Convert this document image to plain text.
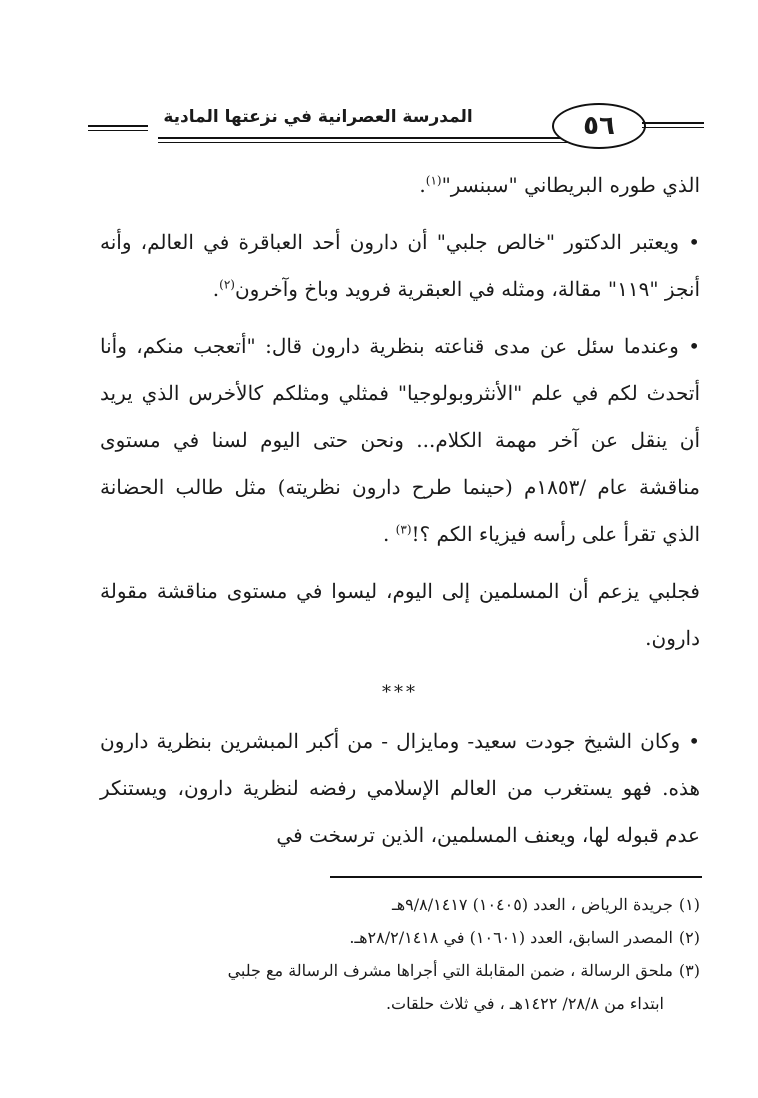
المدرسة العصرانية في نزعتها المادية	٥٦

الذي طوره البريطاني "سبنسر"$^{(١)}$.

• ويعتبر الدكتور "خالص جلبي" أن دارون أحد العباقرة في العالم، وأنه أنجز "١١٩" مقالة، ومثله في العبقرية فرويد وباخ وآخرون$^{(٢)}$.

• وعندما سئل عن مدى قناعته بنظرية دارون قال: "أتعجب منكم، وأنا أتحدث لكم في علم "الأنثروبولوجيا" فمثلي ومثلكم كالأخرس الذي يريد أن ينقل عن آخر مهمة الكلام... ونحن حتى اليوم لسنا في مستوى مناقشة عام /١٨٥٣م (حينما طرح دارون نظريته) مثل طالب الحضانة الذي تقرأ على رأسه فيزياء الكم ؟!$^{(٣)}$ .

فجلبي يزعم أن المسلمين إلى اليوم، ليسوا في مستوى مناقشة مقولة دارون.

***

• وكان الشيخ جودت سعيد- ومايزال - من أكبر المبشرين بنظرية دارون هذه. فهو يستغرب من العالم الإسلامي رفضه لنظرية دارون، ويستنكر عدم قبوله لها، ويعنف المسلمين، الذين ترسخت في

(١)جريدة الرياض ، العدد (١٠٤٠٥) ٩/٨/١٤١٧هـ

(٢)المصدر السابق، العدد (١٠٦٠١) في ٢٨/٢/١٤١٨هـ.

(٣)ملحق الرسالة ، ضمن المقابلة التي أجراها مشرف الرسالة مع جلبي

ابتداء من ٢٨/٨/ ١٤٢٢هـ ، في ثلاث حلقات.
